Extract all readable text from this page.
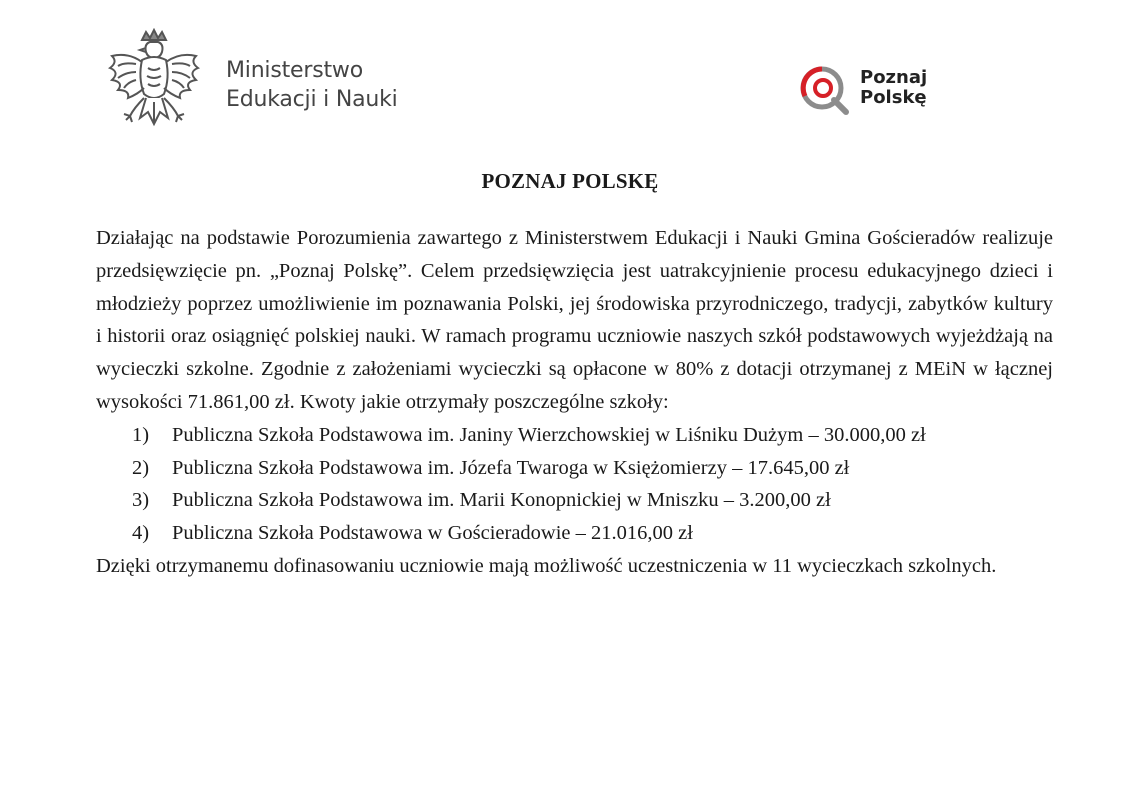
Ministerstwo
Edukacji i Nauki
Poznaj
Polskę
POZNAJ POLSKĘ

Działając na podstawie Porozumienia zawartego z Ministerstwem Edukacji i Nauki Gmina Gościeradów realizuje przedsięwzięcie pn. „Poznaj Polskę”. Celem przedsięwzięcia jest uatrakcyjnienie procesu edukacyjnego dzieci i młodzieży poprzez umożliwienie im poznawania Polski, jej środowiska przyrodniczego, tradycji, zabytków kultury i historii oraz osiągnięć polskiej nauki. W ramach programu uczniowie naszych szkół podstawowych wyjeżdżają na wycieczki szkolne. Zgodnie z założeniami wycieczki są opłacone w 80% z dotacji otrzymanej z MEiN w łącznej wysokości 71.861,00 zł. Kwoty jakie otrzymały poszczególne szkoły:

1) Publiczna Szkoła Podstawowa im. Janiny Wierzchowskiej w Liśniku Dużym – 30.000,00 zł
2) Publiczna Szkoła Podstawowa im. Józefa Twaroga w Księżomierzy – 17.645,00 zł
3) Publiczna Szkoła Podstawowa im. Marii Konopnickiej w Mniszku – 3.200,00 zł
4) Publiczna Szkoła Podstawowa w Gościeradowie – 21.016,00 zł

Dzięki otrzymanemu dofinasowaniu uczniowie mają możliwość uczestniczenia w 11 wycieczkach szkolnych.
